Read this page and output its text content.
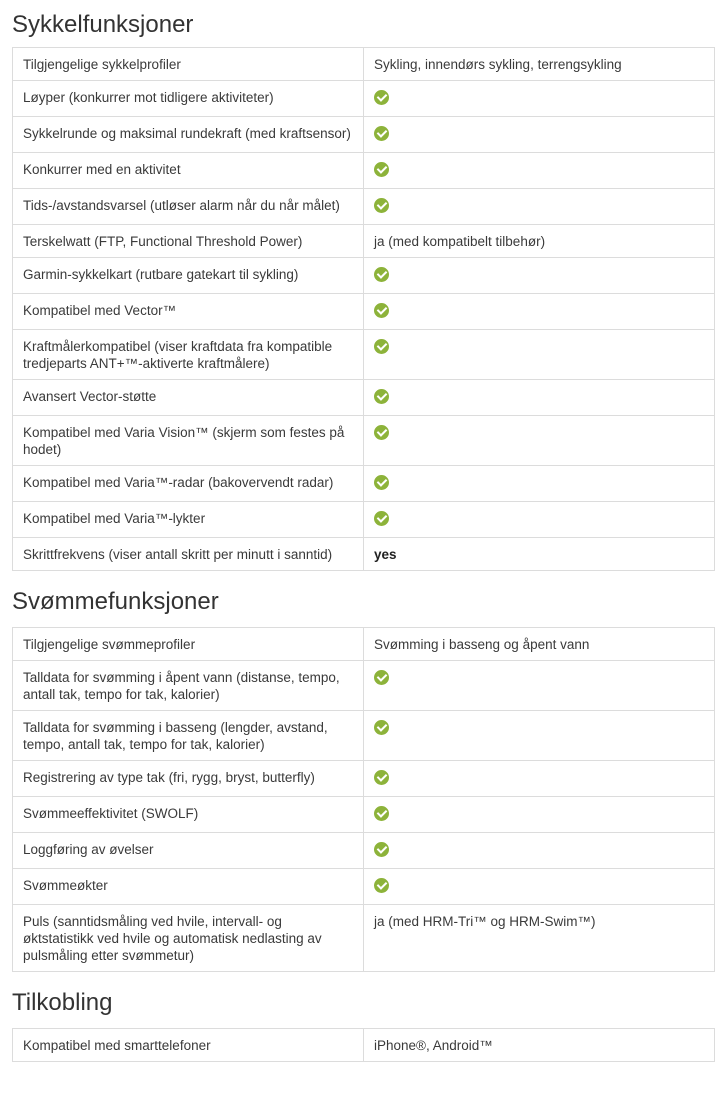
Sykkelfunksjoner
Tilgjengelige sykkelprofiler	Sykling, innendørs sykling, terrengsykling
Løyper (konkurrer mot tidligere aktiviteter)	
Sykkelrunde og maksimal rundekraft (med kraftsensor)	
Konkurrer med en aktivitet	
Tids-/avstandsvarsel (utløser alarm når du når målet)	
Terskelwatt (FTP, Functional Threshold Power)	ja (med kompatibelt tilbehør)
Garmin-sykkelkart (rutbare gatekart til sykling)	
Kompatibel med Vector™	
Kraftmålerkompatibel (viser kraftdata fra kompatible tredjeparts ANT+™-aktiverte kraftmålere)	
Avansert Vector-støtte	
Kompatibel med Varia Vision™ (skjerm som festes på hodet)	
Kompatibel med Varia™-radar (bakovervendt radar)	
Kompatibel med Varia™-lykter	
Skrittfrekvens (viser antall skritt per minutt i sanntid)	yes
Svømmefunksjoner
Tilgjengelige svømmeprofiler	Svømming i basseng og åpent vann
Talldata for svømming i åpent vann (distanse, tempo, antall tak, tempo for tak, kalorier)	
Talldata for svømming i basseng (lengder, avstand, tempo, antall tak, tempo for tak, kalorier)	
Registrering av type tak (fri, rygg, bryst, butterfly)	
Svømmeeffektivitet (SWOLF)	
Loggføring av øvelser	
Svømmeøkter	
Puls (sanntidsmåling ved hvile, intervall- og øktstatistikk ved hvile og automatisk nedlasting av pulsmåling etter svømmetur)	ja (med HRM-Tri™ og HRM-Swim™)
Tilkobling
Kompatibel med smarttelefoner	iPhone®, Android™
